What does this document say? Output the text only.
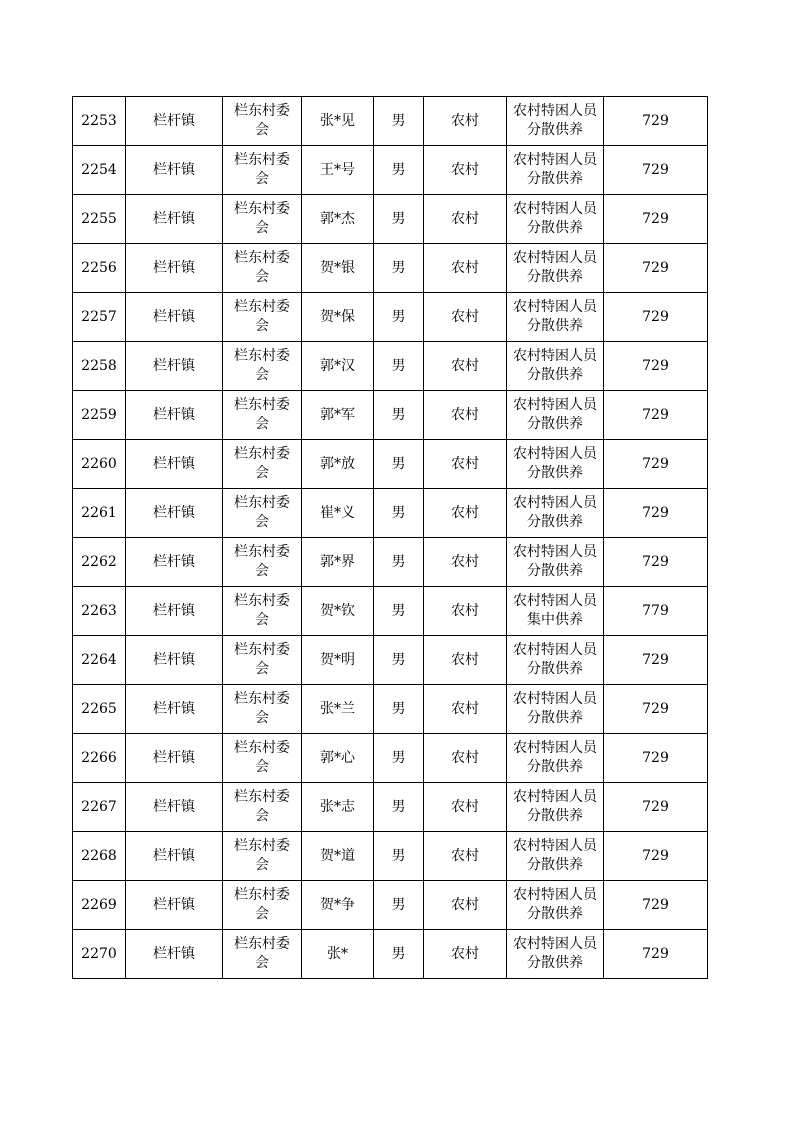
2253	栏杆镇	栏东村委会	张*见	男	农村	农村特困人员分散供养	729
2254	栏杆镇	栏东村委会	王*号	男	农村	农村特困人员分散供养	729
2255	栏杆镇	栏东村委会	郭*杰	男	农村	农村特困人员分散供养	729
2256	栏杆镇	栏东村委会	贺*银	男	农村	农村特困人员分散供养	729
2257	栏杆镇	栏东村委会	贺*保	男	农村	农村特困人员分散供养	729
2258	栏杆镇	栏东村委会	郭*汉	男	农村	农村特困人员分散供养	729
2259	栏杆镇	栏东村委会	郭*军	男	农村	农村特困人员分散供养	729
2260	栏杆镇	栏东村委会	郭*放	男	农村	农村特困人员分散供养	729
2261	栏杆镇	栏东村委会	崔*义	男	农村	农村特困人员分散供养	729
2262	栏杆镇	栏东村委会	郭*界	男	农村	农村特困人员分散供养	729
2263	栏杆镇	栏东村委会	贺*钦	男	农村	农村特困人员集中供养	779
2264	栏杆镇	栏东村委会	贺*明	男	农村	农村特困人员分散供养	729
2265	栏杆镇	栏东村委会	张*兰	男	农村	农村特困人员分散供养	729
2266	栏杆镇	栏东村委会	郭*心	男	农村	农村特困人员分散供养	729
2267	栏杆镇	栏东村委会	张*志	男	农村	农村特困人员分散供养	729
2268	栏杆镇	栏东村委会	贺*道	男	农村	农村特困人员分散供养	729
2269	栏杆镇	栏东村委会	贺*争	男	农村	农村特困人员分散供养	729
2270	栏杆镇	栏东村委会	张*	男	农村	农村特困人员分散供养	729
